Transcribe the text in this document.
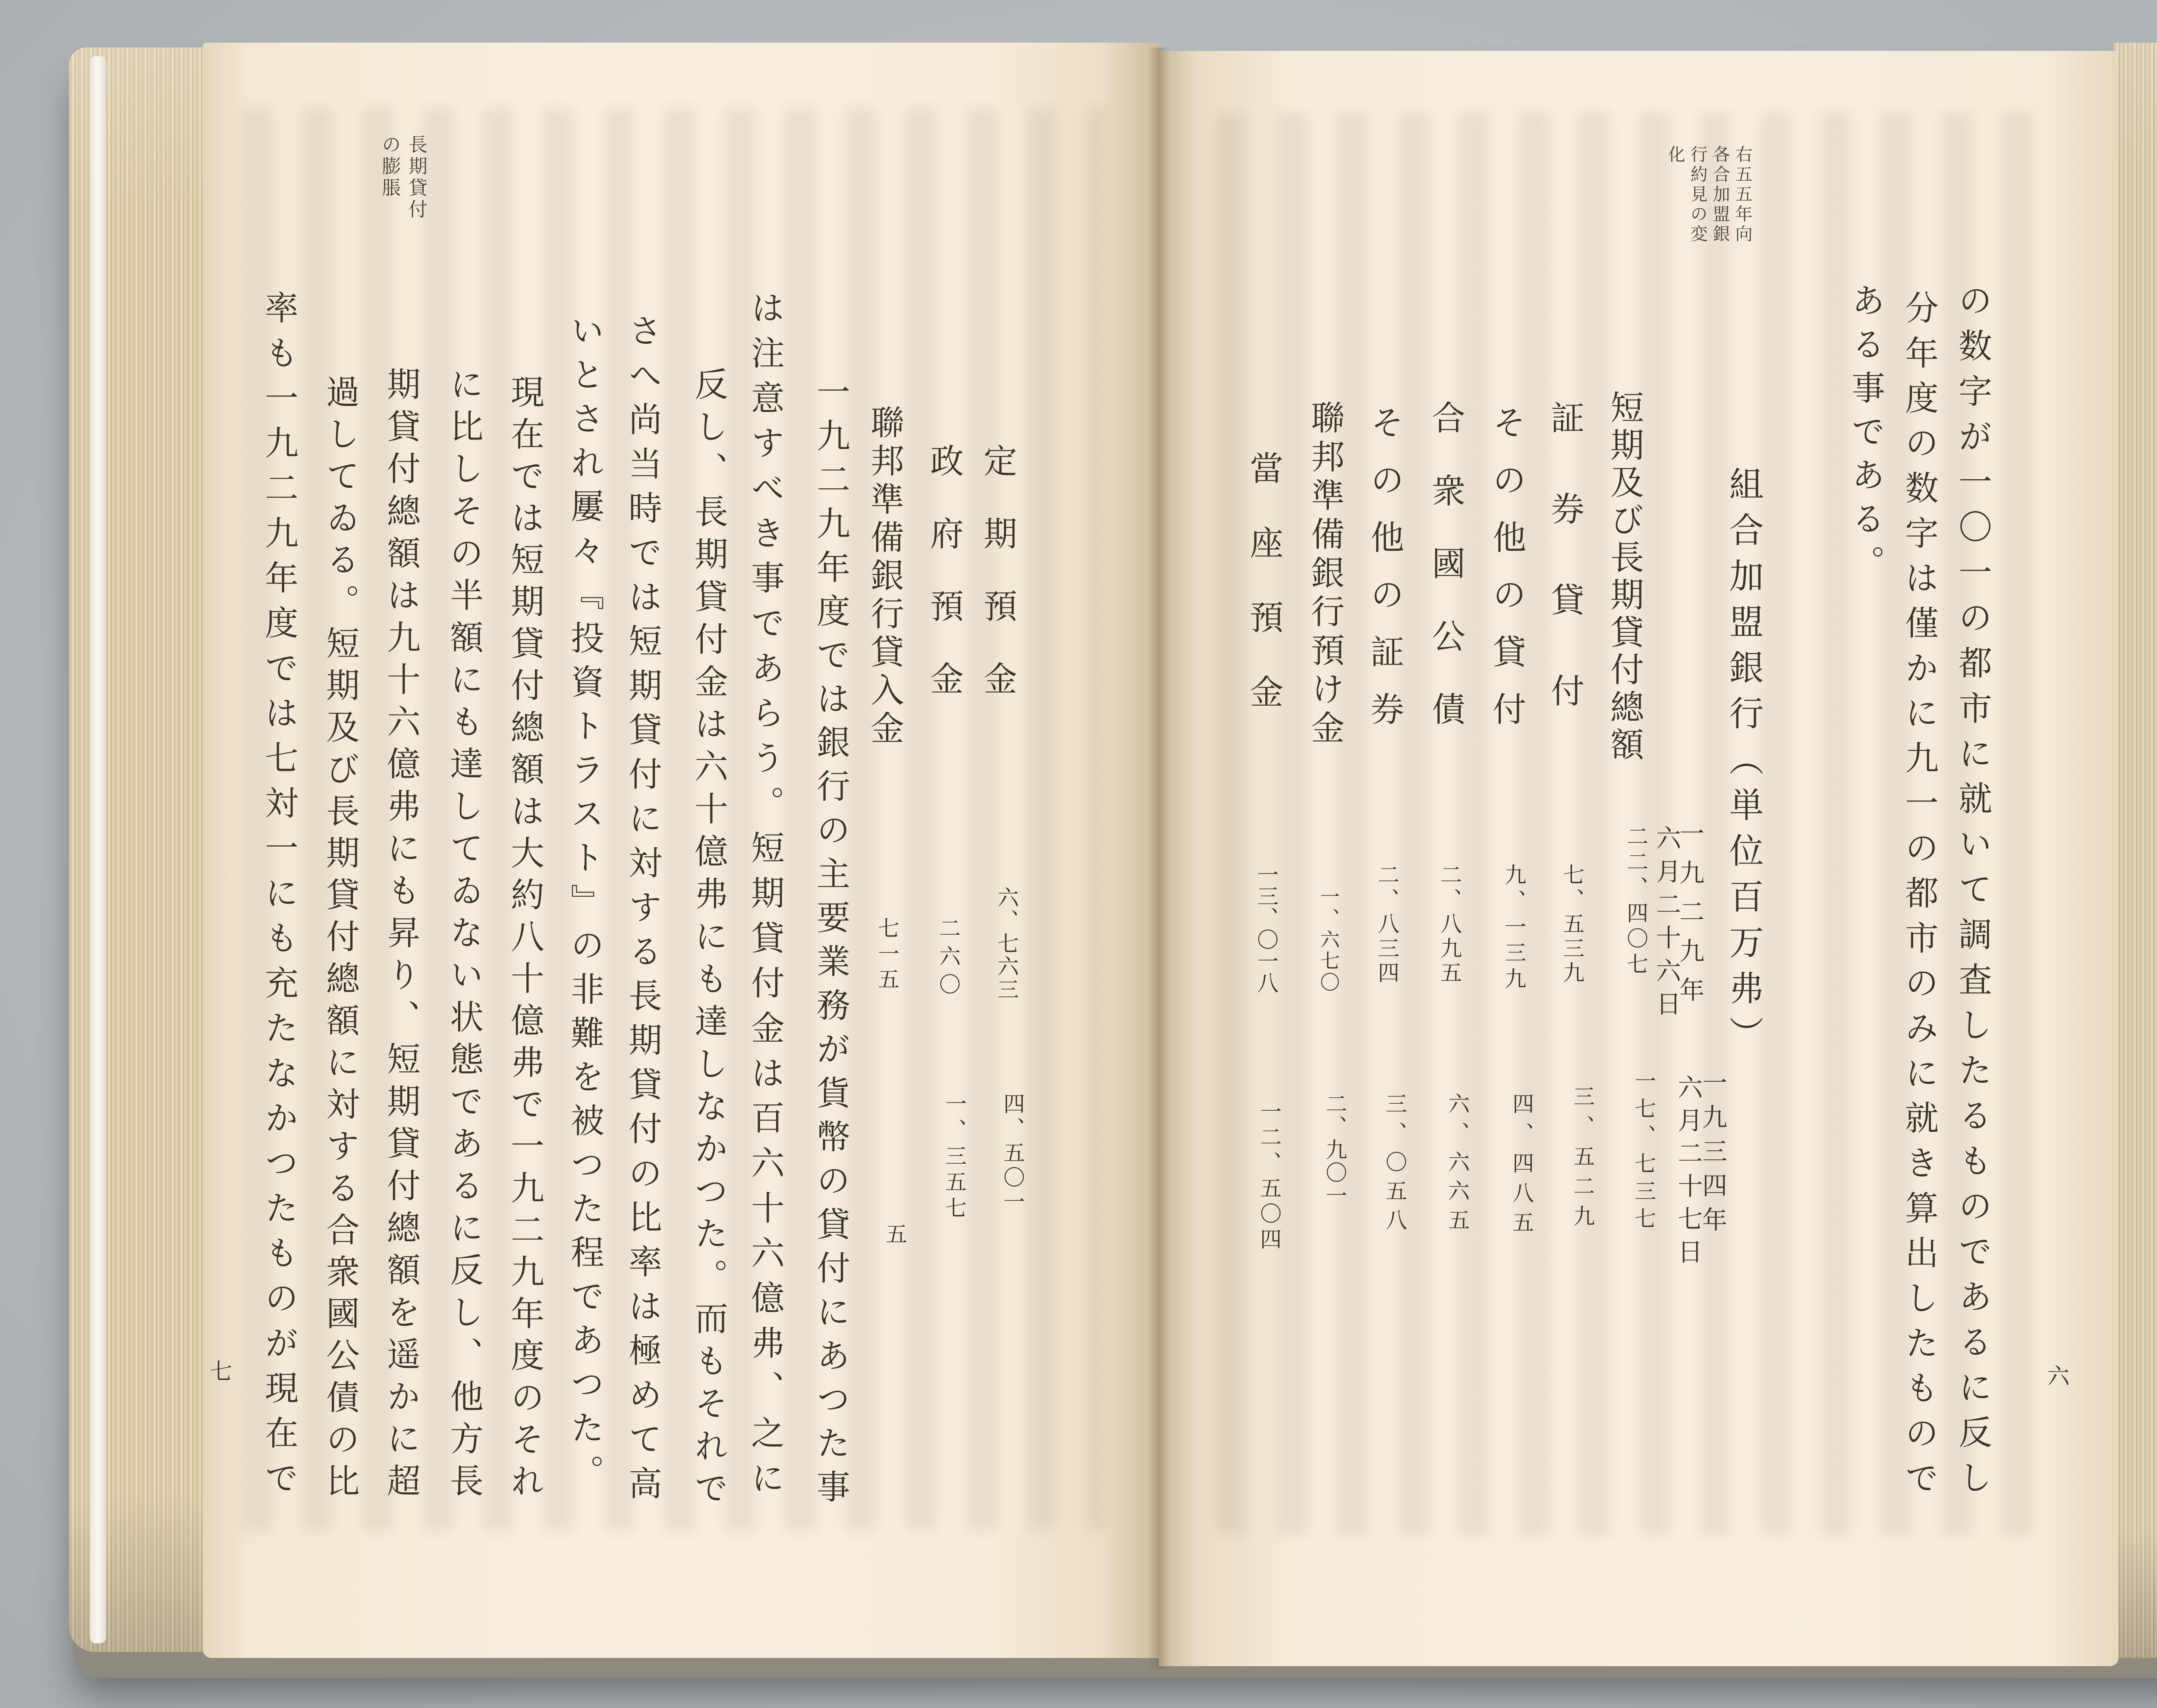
長期貸付の膨脹
定期預金
六、七六三
四、五〇一
政府預金
二六〇
一、三五七
聯邦準備銀行貸入金
七一五
五
一九二九年度では銀行の主要業務が貨幣の貸付にあつた事
は注意すべき事であらう。短期貸付金は百六十六億弗、之に
反し、長期貸付金は六十億弗にも達しなかつた。而もそれで
さへ尚当時では短期貸付に対する長期貸付の比率は極めて高
いとされ屢々『投資トラスト』の非難を被つた程であつた。
現在では短期貸付總額は大約八十億弗で一九二九年度のそれ
に比しその半額にも達してゐない状態であるに反し、他方長
期貸付總額は九十六億弗にも昇り、短期貸付總額を遥かに超
過してゐる。短期及び長期貸付總額に対する合衆國公債の比
率も一九二九年度では七対一にも充たなかつたものが現在で
七	の数字が一〇一の都市に就いて調査したるものであるに反し
分年度の数字は僅かに九一の都市のみに就き算出したもので
ある事である。
右五五年向各合加盟銀行約見の変化
組合加盟銀行（単位百万弗）
一九二九年
六月二十六日
一九三四年
六月二十七日
短期及び長期貸付總額
二二、四〇七
一七、七三七
証券貸付
七、五三九
三、五二九
その他の貸付
九、一三九
四、四八五
合衆國公債
二、八九五
六、六六五
その他の証券
二、八三四
三、〇五八
聯邦準備銀行預け金
一、六七〇
二、九〇一
當座預金
一三、〇一八
一二、五〇四
六
